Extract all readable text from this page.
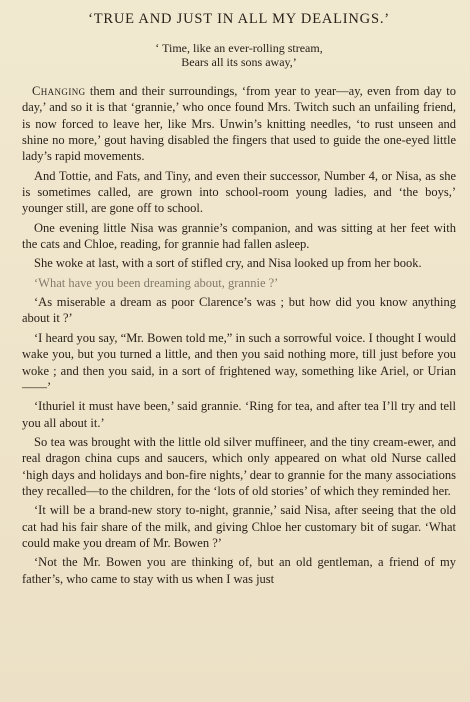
‘TRUE AND JUST IN ALL MY DEALINGS.’
‘ Time, like an ever-rolling stream,
Bears all its sons away,’

Changing them and their surroundings, ‘from year to year—ay, even from day to day,’ and so it is that ‘grannie,’ who once found Mrs. Twitch such an unfailing friend, is now forced to leave her, like Mrs. Unwin’s knitting needles, ‘to rust unseen and shine no more,’ gout having disabled the fingers that used to guide the one-eyed little lady’s rapid movements.

And Tottie, and Fats, and Tiny, and even their successor, Number 4, or Nisa, as she is sometimes called, are grown into school-room young ladies, and ‘the boys,’ younger still, are gone off to school.

One evening little Nisa was grannie’s companion, and was sitting at her feet with the cats and Chloe, reading, for grannie had fallen asleep.

She woke at last, with a sort of stifled cry, and Nisa looked up from her book.

‘What have you been dreaming about, grannie ?’

‘As miserable a dream as poor Clarence’s was ; but how did you know anything about it ?’

‘I heard you say, “Mr. Bowen told me,” in such a sorrowful voice. I thought I would wake you, but you turned a little, and then you said nothing more, till just before you woke ; and then you said, in a sort of frightened way, something like Ariel, or Urian——’

‘Ithuriel it must have been,’ said grannie. ‘Ring for tea, and after tea I’ll try and tell you all about it.’

So tea was brought with the little old silver muffineer, and the tiny cream-ewer, and real dragon china cups and saucers, which only appeared on what old Nurse called ‘high days and holidays and bon-fire nights,’ dear to grannie for the many associations they recalled—to the children, for the ‘lots of old stories’ of which they reminded her.

‘It will be a brand-new story to-night, grannie,’ said Nisa, after seeing that the old cat had his fair share of the milk, and giving Chloe her customary bit of sugar. ‘What could make you dream of Mr. Bowen ?’

‘Not the Mr. Bowen you are thinking of, but an old gentleman, a friend of my father’s, who came to stay with us when I was just
